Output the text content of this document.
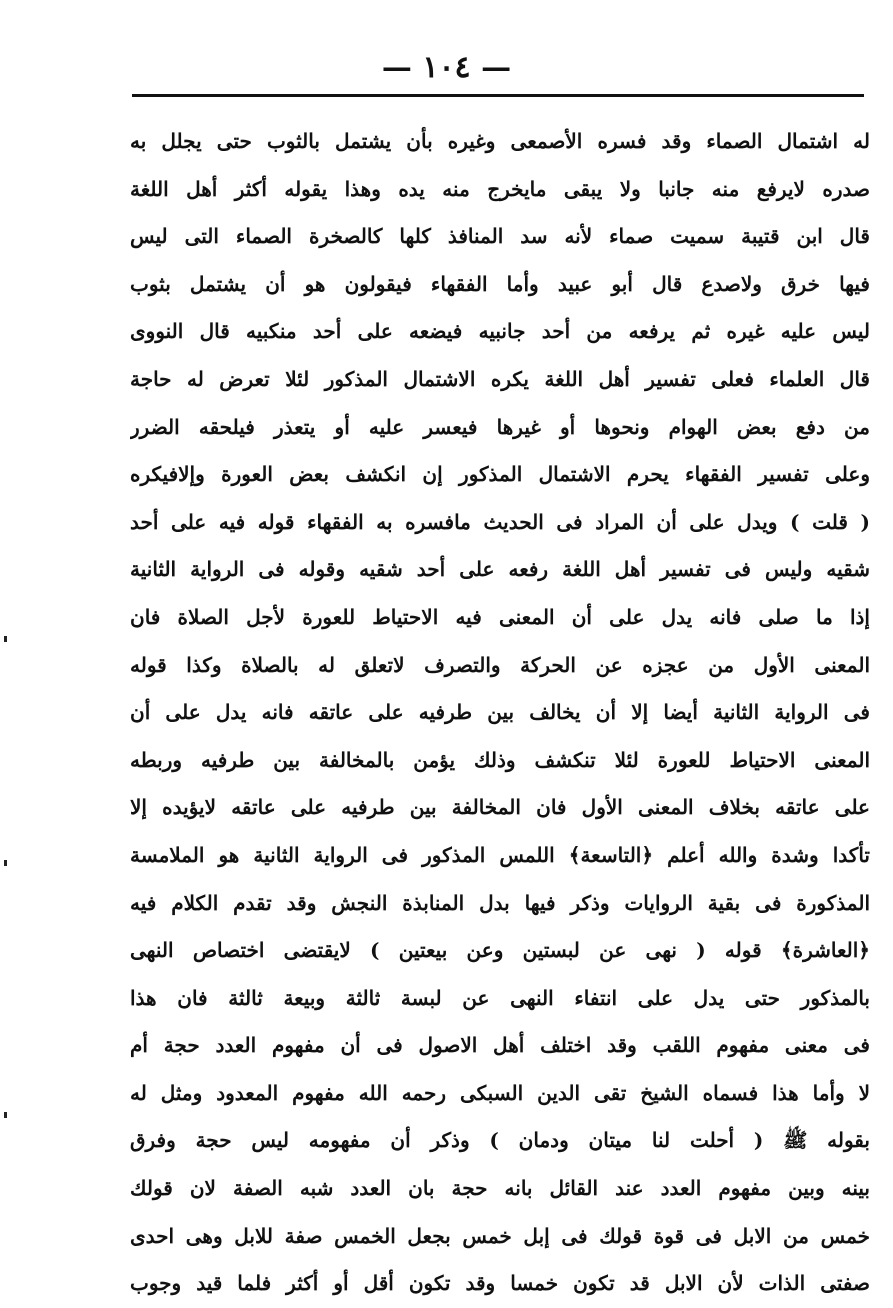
— ١٠٤ —
له اشتمال الصماء وقد فسره الأصمعى وغيره بأن يشتمل بالثوب حتى يجلل به
صدره لايرفع منه جانبا ولا يبقى مايخرج منه يده وهذا يقوله أكثر أهل اللغة
قال ابن قتيبة سميت صماء لأنه سد المنافذ كلها كالصخرة الصماء التى ليس
فيها خرق ولاصدع قال أبو عبيد وأما الفقهاء فيقولون هو أن يشتمل بثوب
ليس عليه غيره ثم يرفعه من أحد جانبيه فيضعه على أحد منكبيه قال النووى
قال العلماء فعلى تفسير أهل اللغة يكره الاشتمال المذكور لئلا تعرض له حاجة
من دفع بعض الهوام ونحوها أو غيرها فيعسر عليه أو يتعذر فيلحقه الضرر
وعلى تفسير الفقهاء يحرم الاشتمال المذكور إن انكشف بعض العورة وإلافيكره
( قلت ) ويدل على أن المراد فى الحديث مافسره به الفقهاء قوله فيه على أحد
شقيه وليس فى تفسير أهل اللغة رفعه على أحد شقيه وقوله فى الرواية الثانية
إذا ما صلى فانه يدل على أن المعنى فيه الاحتياط للعورة لأجل الصلاة فان
المعنى الأول من عجزه عن الحركة والتصرف لاتعلق له بالصلاة وكذا قوله
فى الرواية الثانية أيضا إلا أن يخالف بين طرفيه على عاتقه فانه يدل على أن
المعنى الاحتياط للعورة لئلا تنكشف وذلك يؤمن بالمخالفة بين طرفيه وربطه
على عاتقه بخلاف المعنى الأول فان المخالفة بين طرفيه على عاتقه لايؤيده إلا
تأكدا وشدة والله أعلم ﴿التاسعة﴾ اللمس المذكور فى الرواية الثانية هو الملامسة
المذكورة فى بقية الروايات وذكر فيها بدل المنابذة النجش وقد تقدم الكلام فيه
﴿العاشرة﴾ قوله ( نهى عن لبستين وعن بيعتين ) لايقتضى اختصاص النهى
بالمذكور حتى يدل على انتفاء النهى عن لبسة ثالثة وبيعة ثالثة فان هذا
فى معنى مفهوم اللقب وقد اختلف أهل الاصول فى أن مفهوم العدد حجة أم
لا وأما هذا فسماه الشيخ تقى الدين السبكى رحمه الله مفهوم المعدود ومثل له
بقوله ﷺ ( أحلت لنا ميتان ودمان ) وذكر أن مفهومه ليس حجة وفرق
بينه وبين مفهوم العدد عند القائل بانه حجة بان العدد شبه الصفة لان قولك
خمس من الابل فى قوة قولك فى إبل خمس بجعل الخمس صفة للابل وهى احدى
صفتى الذات لأن الابل قد تكون خمسا وقد تكون أقل أو أكثر فلما قيد وجوب
